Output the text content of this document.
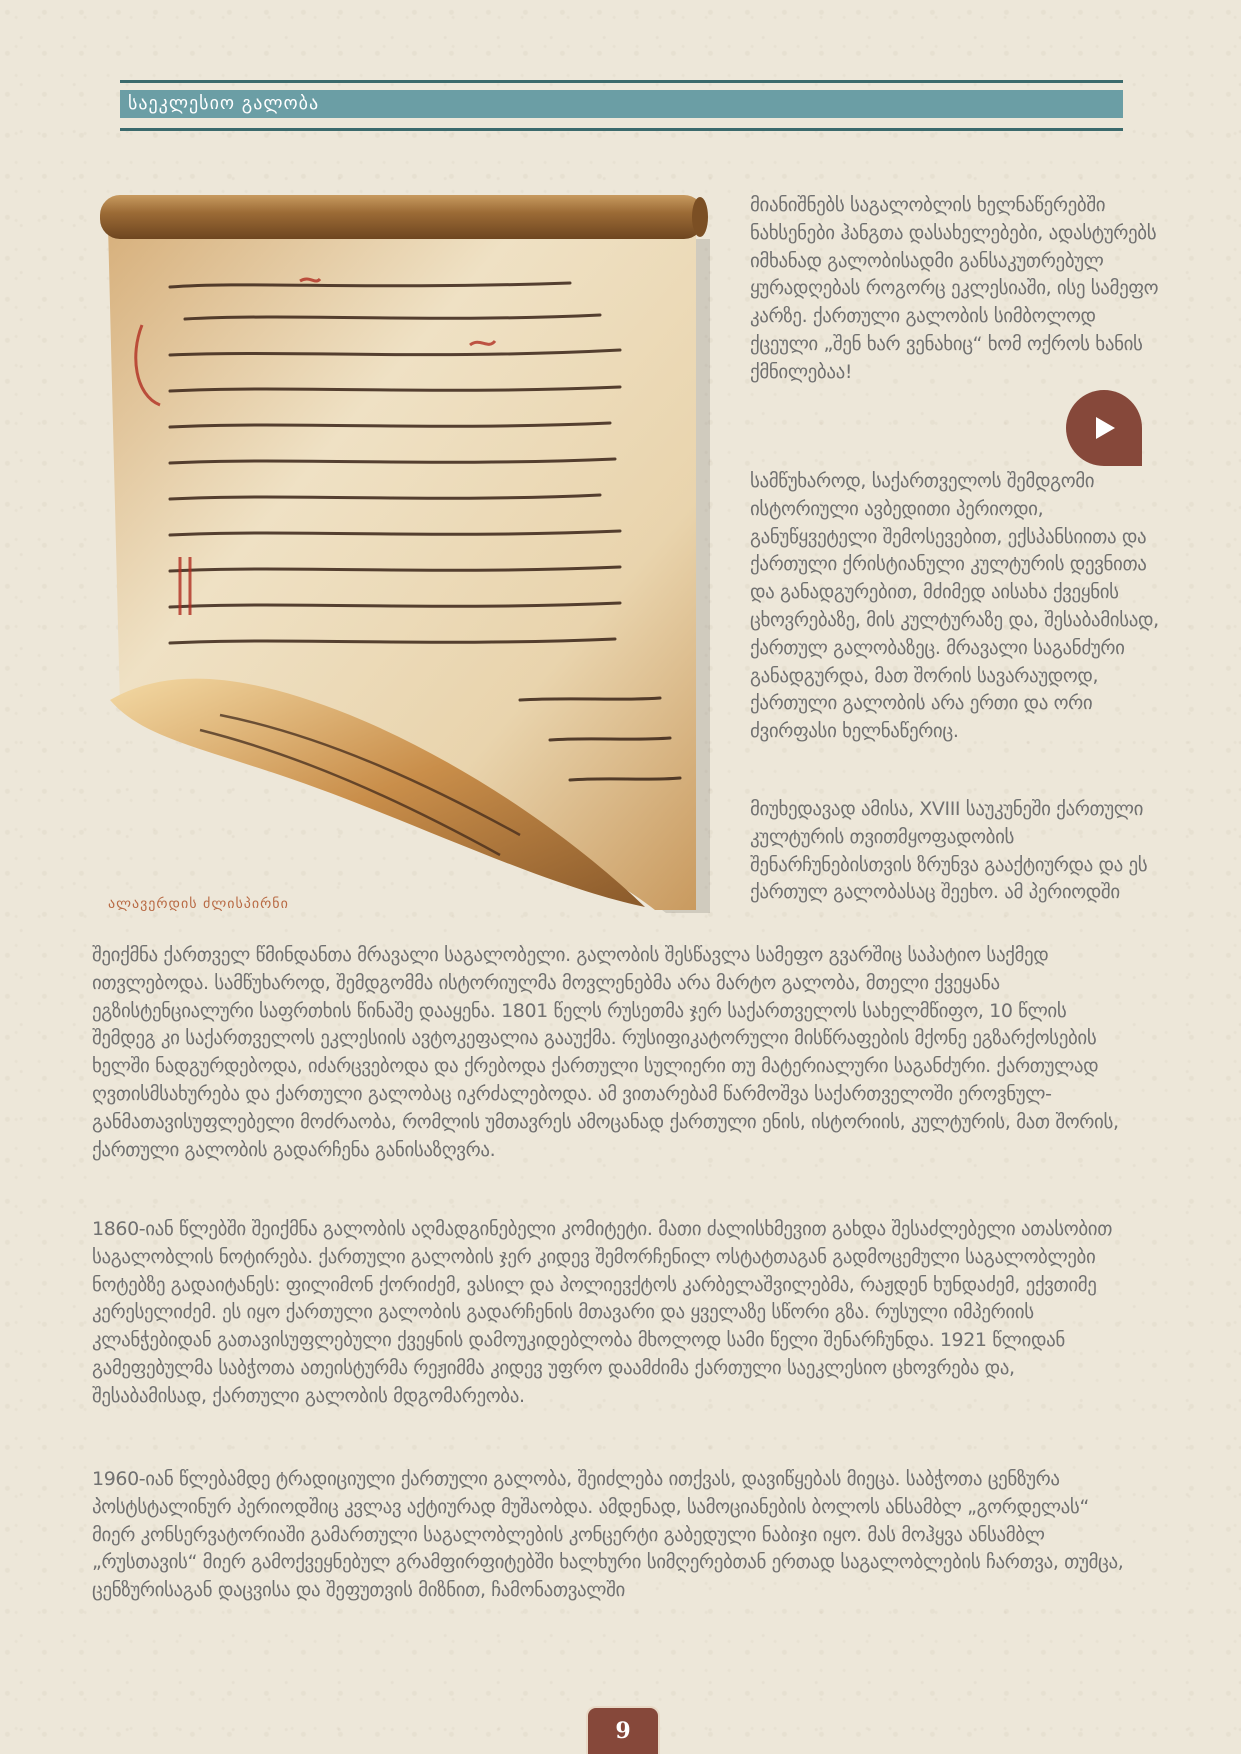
საეკლესიო გალობა
ალავერდის ძლისპირნი

მიანიშნებს საგალობლის ხელნაწერებში ნახსენები ჰანგთა დასახელებები, ადასტურებს იმხანად გალობისადმი განსაკუთრებულ ყურადღებას როგორც ეკლესიაში, ისე სამეფო კარზე. ქართული გალობის სიმბოლოდ ქცეული „შენ ხარ ვენახიც“ ხომ ოქროს ხანის ქმნილებაა!

სამწუხაროდ, საქართველოს შემდგომი ისტორიული ავბედითი პერიოდი, განუწყვეტელი შემოსევებით, ექსპანსიითა და ქართული ქრისტიანული კულტურის დევნითა და განადგურებით, მძიმედ აისახა ქვეყნის ცხოვრებაზე, მის კულტურაზე და, შესაბამისად, ქართულ გალობაზეც. მრავალი საგანძური განადგურდა, მათ შორის სავარაუდოდ, ქართული გალობის არა ერთი და ორი ძვირფასი ხელნაწერიც.

მიუხედავად ამისა, XVIII საუკუნეში ქართული კულტურის თვითმყოფადობის შენარჩუნებისთვის ზრუნვა გააქტიურდა და ეს ქართულ გალობასაც შეეხო. ამ პერიოდში

შეიქმნა ქართველ წმინდანთა მრავალი საგალობელი. გალობის შესწავლა სამეფო გვარშიც საპატიო საქმედ ითვლებოდა. სამწუხაროდ, შემდგომმა ისტორიულმა მოვლენებმა არა მარტო გალობა, მთელი ქვეყანა ეგზისტენციალური საფრთხის წინაშე დააყენა. 1801 წელს რუსეთმა ჯერ საქართველოს სახელმწიფო, 10 წლის შემდეგ კი საქართველოს ეკლესიის ავტოკეფალია გააუქმა. რუსიფიკატორული მისწრაფების მქონე ეგზარქოსების ხელში ნადგურდებოდა, იძარცვებოდა და ქრებოდა ქართული სულიერი თუ მატერიალური საგანძური. ქართულად ღვთისმსახურება და ქართული გალობაც იკრძალებოდა. ამ ვითარებამ წარმოშვა საქართველოში ეროვნულ-განმათავისუფლებელი მოძრაობა, რომლის უმთავრეს ამოცანად ქართული ენის, ისტორიის, კულტურის, მათ შორის, ქართული გალობის გადარჩენა განისაზღვრა.

1860-იან წლებში შეიქმნა გალობის აღმადგინებელი კომიტეტი. მათი ძალისხმევით გახდა შესაძლებელი ათასობით საგალობლის ნოტირება. ქართული გალობის ჯერ კიდევ შემორჩენილ ოსტატთაგან გადმოცემული საგალობლები ნოტებზე გადაიტანეს: ფილიმონ ქორიძემ, ვასილ და პოლიევქტოს კარბელაშვილებმა, რაჟდენ ხუნდაძემ, ექვთიმე კერესელიძემ. ეს იყო ქართული გალობის გადარჩენის მთავარი და ყველაზე სწორი გზა. რუსული იმპერიის კლანჭებიდან გათავისუფლებული ქვეყნის დამოუკიდებლობა მხოლოდ სამი წელი შენარჩუნდა. 1921 წლიდან გამეფებულმა საბჭოთა ათეისტურმა რეჟიმმა კიდევ უფრო დაამძიმა ქართული საეკლესიო ცხოვრება და, შესაბამისად, ქართული გალობის მდგომარეობა.

1960-იან წლებამდე ტრადიციული ქართული გალობა, შეიძლება ითქვას, დავიწყებას მიეცა. საბჭოთა ცენზურა პოსტსტალინურ პერიოდშიც კვლავ აქტიურად მუშაობდა. ამდენად, სამოციანების ბოლოს ანსამბლ „გორდელას“ მიერ კონსერვატორიაში გამართული საგალობლების კონცერტი გაბედული ნაბიჯი იყო. მას მოჰყვა ანსამბლ „რუსთავის“ მიერ გამოქვეყნებულ გრამფირფიტებში ხალხური სიმღერებთან ერთად საგალობლების ჩართვა, თუმცა, ცენზურისაგან დაცვისა და შეფუთვის მიზნით, ჩამონათვალში

9
